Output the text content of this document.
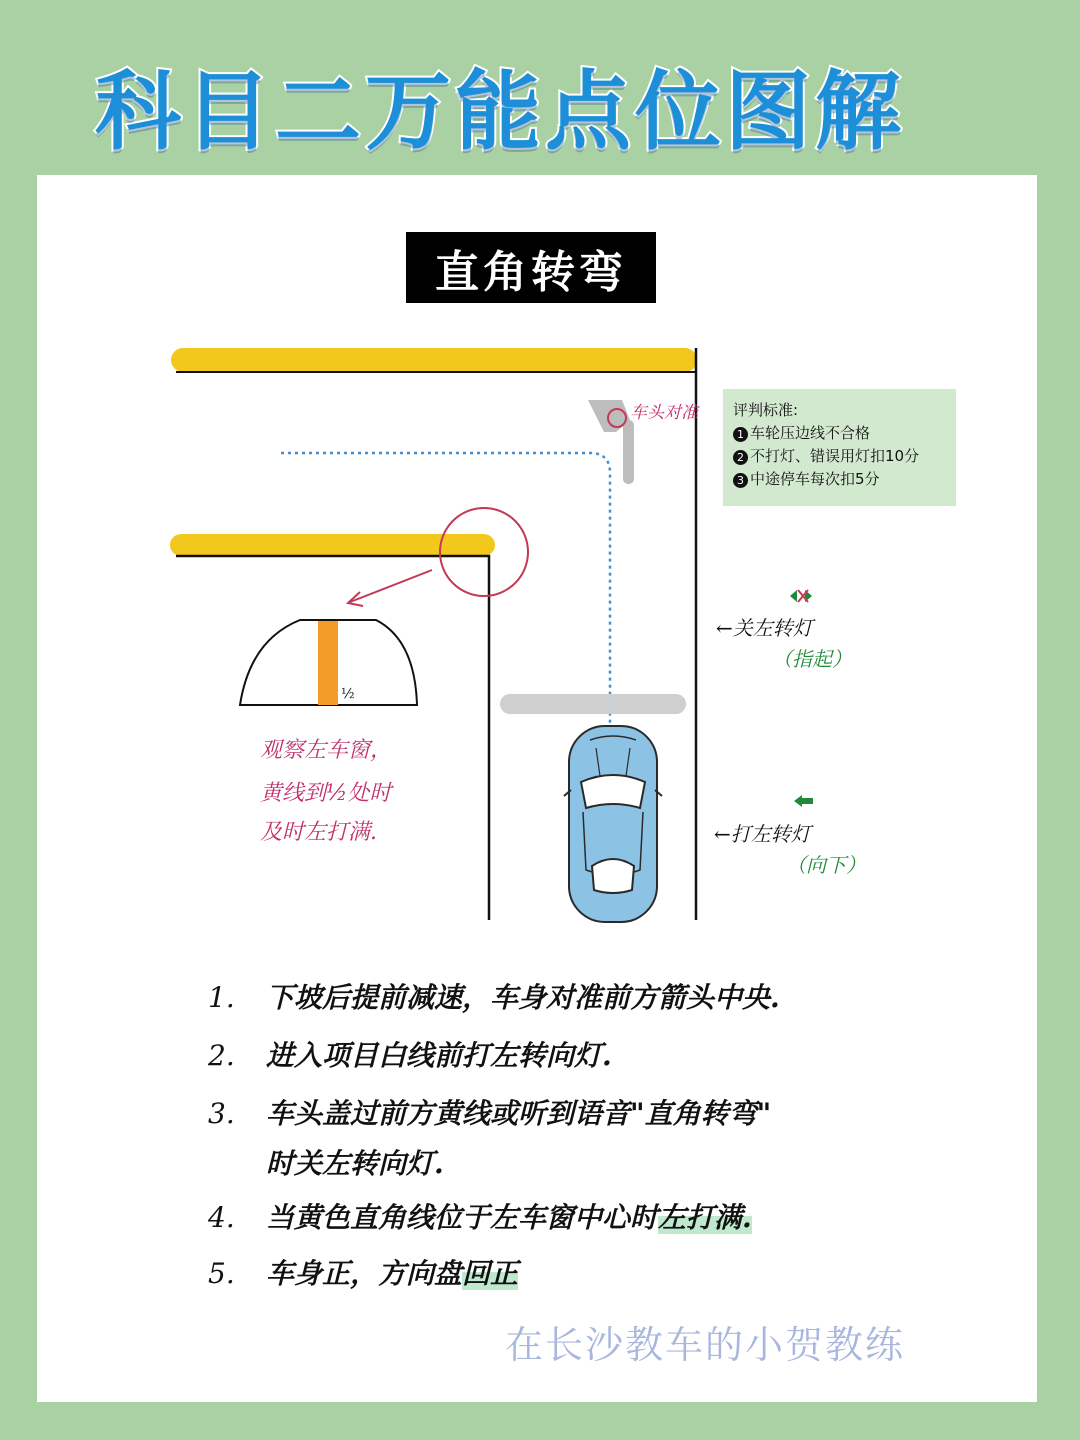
科目二万能点位图解
直角转弯
车头对准
½
观察左车窗，
黄线到½处时
及时左打满.
评判标准:
1 车轮压边线不合格
2 不打灯、错误用灯扣10分
3 中途停车每次扣5分
←关左转灯
（指起）
←打左转灯
（向下）
1. 下坡后提前减速，车身对准前方箭头中央.
2. 进入项目白线前打左转向灯.
3. 车头盖过前方黄线或听到语音"直角转弯"
时关左转向灯.
4. 当黄色直角线位于左车窗中心时左打满.
5. 车身正，方向盘回正
在长沙教车的小贺教练
